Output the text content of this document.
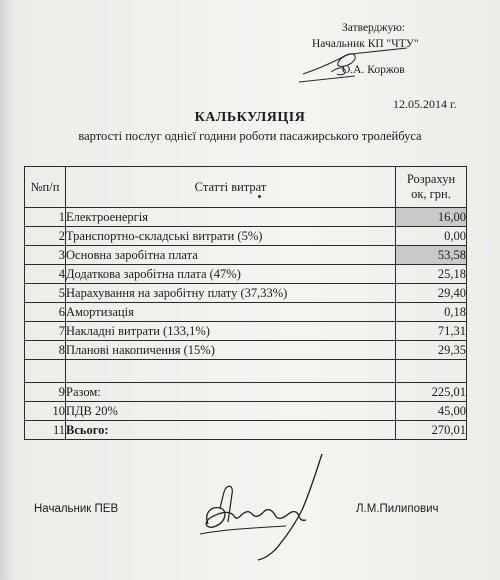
Затверджую:
Начальник КП "ЧТУ"
О.А. Коржов
12.05.2014 г.
КАЛЬКУЛЯЦІЯ
вартості послуг однієї години роботи пасажирського тролейбуса
№п/п	Статті витрат	Розрахун
ок, грн.
1	Електроенергія	16,00
2	Транспортно-складські витрати (5%)	0,00
3	Основна заробітна плата	53,58
4	Додаткова заробітна плата (47%)	25,18
5	Нарахування на заробітну плату (37,33%)	29,40
6	Амортизація	0,18
7	Накладні витрати (133,1%)	71,31
8	Планові накопичення (15%)	29,35

9	Разом:	225,01
10	ПДВ 20%	45,00
11	Всього:	270,01
Начальник ПЕВ	Л.М.Пилипович
